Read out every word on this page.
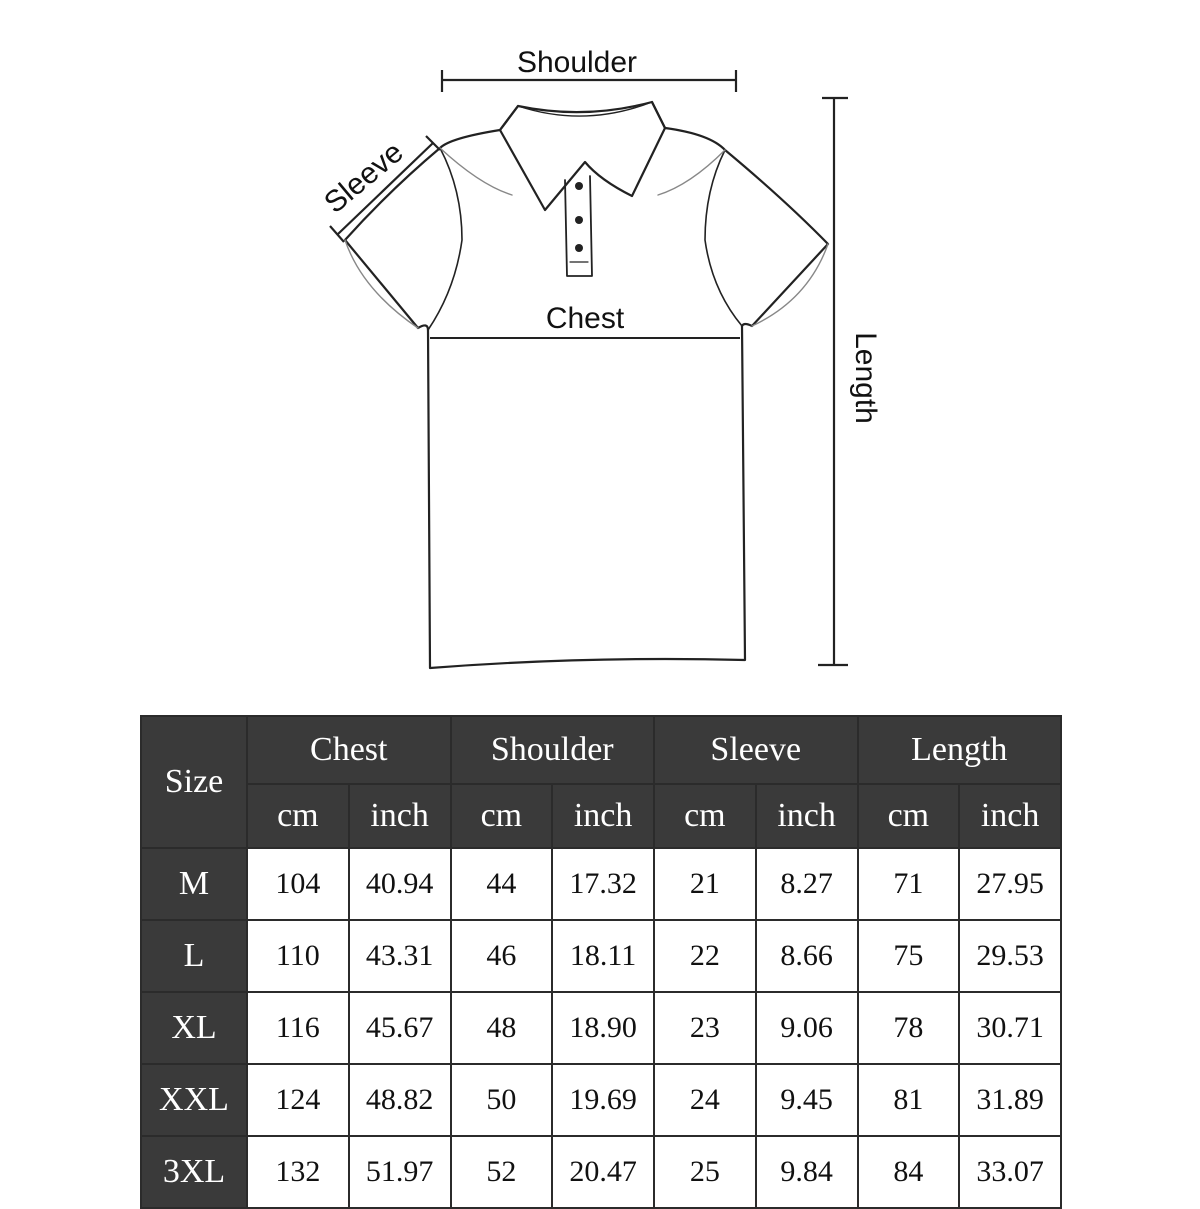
Shoulder
Sleeve
Chest
Length
Size	Chest		Shoulder		Sleeve		Length	
	cm	inch	cm	inch	cm	inch	cm	inch
M	104	40.94	44	17.32	21	8.27	71	27.95
L	110	43.31	46	18.11	22	8.66	75	29.53
XL	116	45.67	48	18.90	23	9.06	78	30.71
XXL	124	48.82	50	19.69	24	9.45	81	31.89
3XL	132	51.97	52	20.47	25	9.84	84	33.07
